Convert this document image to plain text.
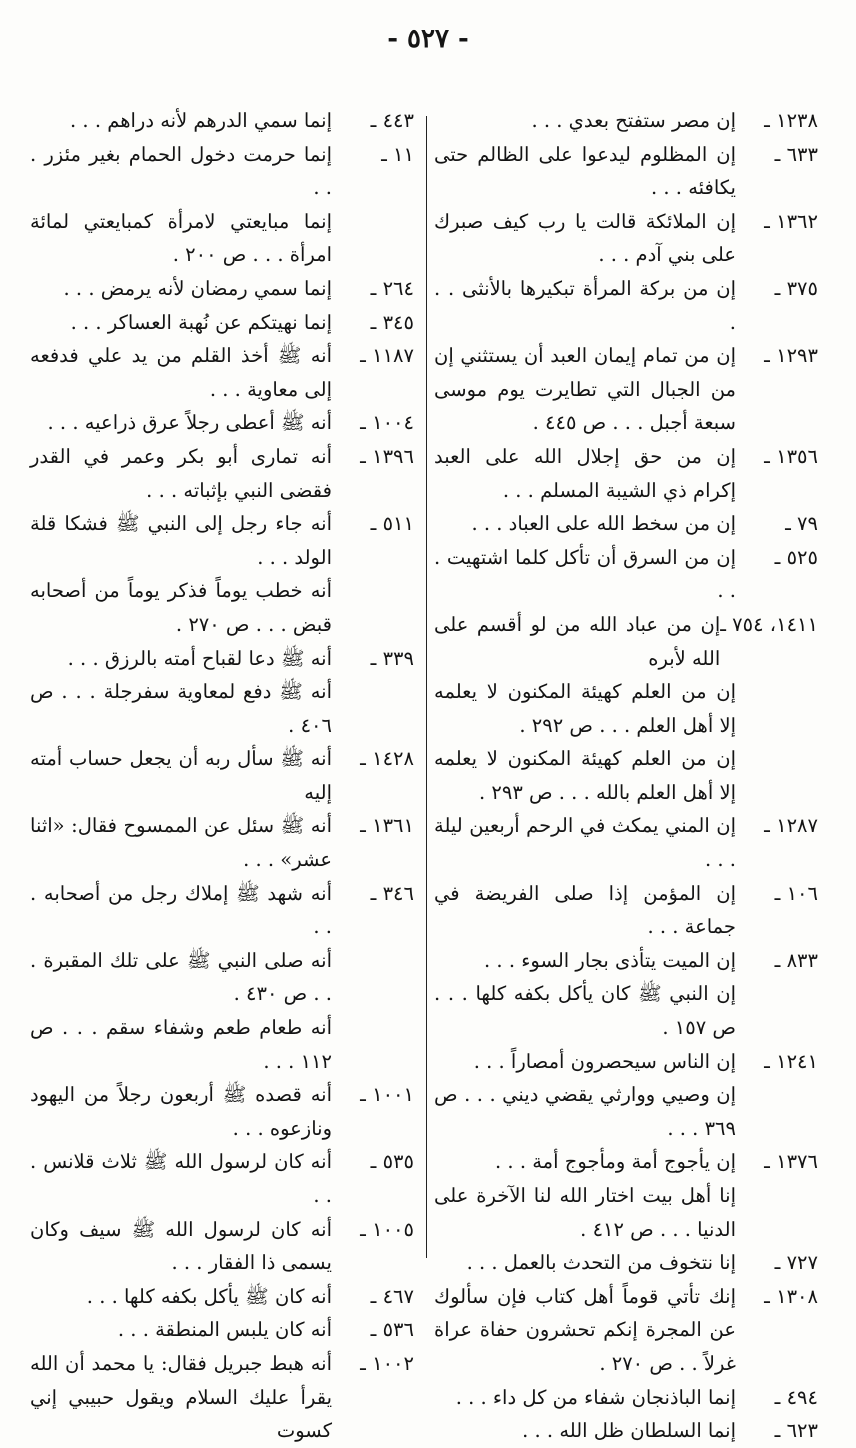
- ٥٢٧ -
١٢٣٨ ـ
إن مصر ستفتح بعدي . . .
٦٣٣ ـ
إن المظلوم ليدعوا على الظالم حتى يكافئه . . .
١٣٦٢ ـ
إن الملائكة قالت يا رب كيف صبرك على بني آدم . . .
٣٧٥ ـ
إن من بركة المرأة تبكيرها بالأنثى . . .
١٢٩٣ ـ
إن من تمام إيمان العبد أن يستثني إن من الجبال التي تطايرت يوم موسى سبعة أجبل . . . ص ٤٤٥ .
١٣٥٦ ـ
إن من حق إجلال الله على العبد إكرام ذي الشيبة المسلم . . .
٧٩ ـ
إن من سخط الله على العباد . . .
٥٢٥ ـ
إن من السرق أن تأكل كلما اشتهيت . . .
١٤١١، ٧٥٤ ـ
إن من عباد الله من لو أقسم على الله لأبره
إن من العلم كهيئة المكنون لا يعلمه إلا أهل العلم . . . ص ٢٩٢ .
إن من العلم كهيئة المكنون لا يعلمه إلا أهل العلم بالله . . . ص ٢٩٣ .
١٢٨٧ ـ
إن المني يمكث في الرحم أربعين ليلة . . .
١٠٦ ـ
إن المؤمن إذا صلى الفريضة في جماعة . . .
٨٣٣ ـ
إن الميت يتأذى بجار السوء . . .
إن النبي ﷺ كان يأكل بكفه كلها . . . ص ١٥٧ .
١٢٤١ ـ
إن الناس سيحصرون أمصاراً . . .
إن وصيي ووارثي يقضي ديني . . . ص ٣٦٩ . . .
١٣٧٦ ـ
إن يأجوج أمة ومأجوج أمة . . .
إنا أهل بيت اختار الله لنا الآخرة على الدنيا . . . ص ٤١٢ .
٧٢٧ ـ
إنا نتخوف من التحدث بالعمل . . .
١٣٠٨ ـ
إنك تأتي قوماً أهل كتاب فإن سألوك عن المجرة إنكم تحشرون حفاة عراة غرلاً . . ص ٢٧٠ .
٤٩٤ ـ
إنما الباذنجان شفاء من كل داء . . .
٦٢٣ ـ
إنما السلطان ظل الله . . .
٤٤٣ ـ
إنما سمي الدرهم لأنه دراهم . . .
١١ ـ
إنما حرمت دخول الحمام بغير مئزر . . .
إنما مبايعتي لامرأة كمبايعتي لمائة امرأة . . . ص ٢٠٠ .
٢٦٤ ـ
إنما سمي رمضان لأنه يرمض . . .
٣٤٥ ـ
إنما نهيتكم عن نُهبة العساكر . . .
١١٨٧ ـ
أنه ﷺ أخذ القلم من يد علي فدفعه إلى معاوية . . .
١٠٠٤ ـ
أنه ﷺ أعطى رجلاً عرق ذراعيه . . .
١٣٩٦ ـ
أنه تمارى أبو بكر وعمر في القدر فقضى النبي بإثباته . . .
٥١١ ـ
أنه جاء رجل إلى النبي ﷺ فشكا قلة الولد . . .
أنه خطب يوماً فذكر يوماً من أصحابه قبض . . . ص ٢٧٠ .
٣٣٩ ـ
أنه ﷺ دعا لقباح أمته بالرزق . . .
أنه ﷺ دفع لمعاوية سفرجلة . . . ص ٤٠٦ .
١٤٢٨ ـ
أنه ﷺ سأل ربه أن يجعل حساب أمته إليه
١٣٦١ ـ
أنه ﷺ سئل عن الممسوح فقال: «اثنا عشر» . . .
٣٤٦ ـ
أنه شهد ﷺ إملاك رجل من أصحابه . . .
أنه صلى النبي ﷺ على تلك المقبرة . . . ص ٤٣٠ .
أنه طعام طعم وشفاء سقم . . . ص ١١٢ . . .
١٠٠١ ـ
أنه قصده ﷺ أربعون رجلاً من اليهود ونازعوه . . .
٥٣٥ ـ
أنه كان لرسول الله ﷺ ثلاث قلانس . . .
١٠٠٥ ـ
أنه كان لرسول الله ﷺ سيف وكان يسمى ذا الفقار . . .
٤٦٧ ـ
أنه كان ﷺ يأكل بكفه كلها . . .
٥٣٦ ـ
أنه كان يلبس المنطقة . . .
١٠٠٢ ـ
أنه هبط جبريل فقال: يا محمد أن الله يقرأ عليك السلام ويقول حبيبي إني كسوت
